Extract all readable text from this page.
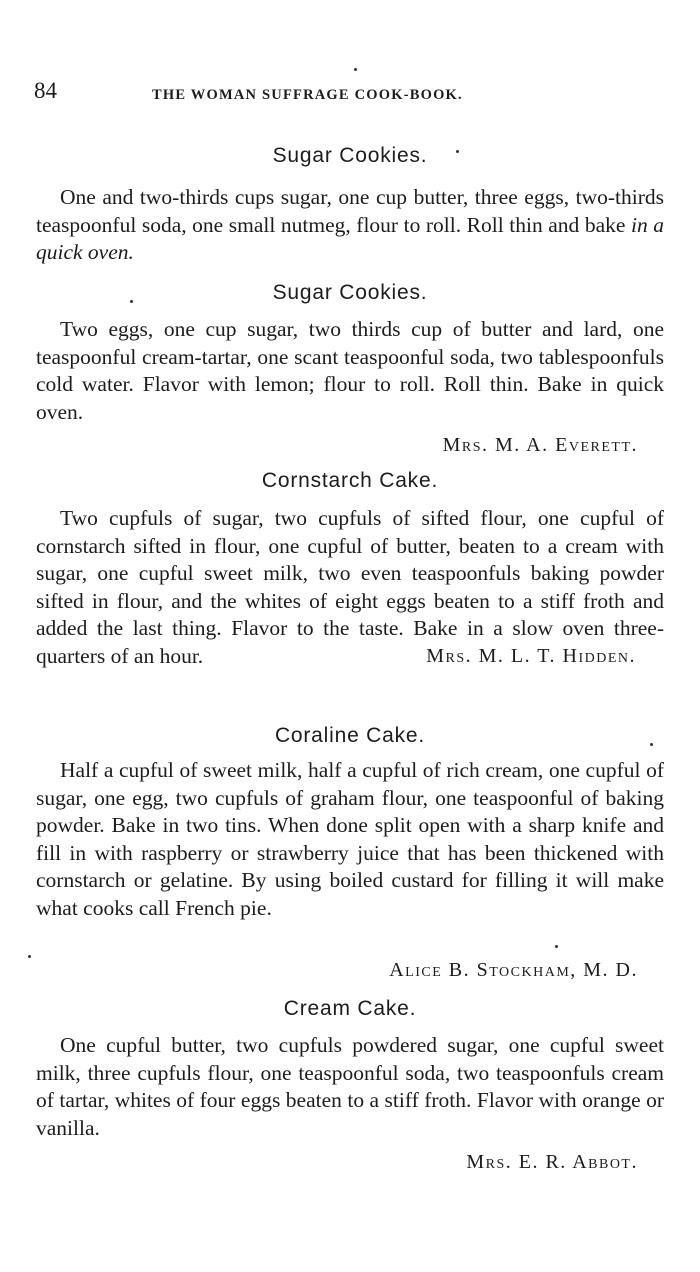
84	THE WOMAN SUFFRAGE COOK-BOOK.
Sugar Cookies.

One and two-thirds cups sugar, one cup butter, three eggs, two-thirds teaspoonful soda, one small nutmeg, flour to roll. Roll thin and bake in a quick oven.

Sugar Cookies.

Two eggs, one cup sugar, two thirds cup of butter and lard, one teaspoonful cream-tartar, one scant teaspoonful soda, two tablespoonfuls cold water. Flavor with lemon; flour to roll. Roll thin. Bake in quick oven.

Mrs. M. A. Everett.
Cornstarch Cake.

Two cupfuls of sugar, two cupfuls of sifted flour, one cupful of cornstarch sifted in flour, one cupful of butter, beaten to a cream with sugar, one cupful sweet milk, two even teaspoonfuls baking powder sifted in flour, and the whites of eight eggs beaten to a stiff froth and added the last thing. Flavor to the taste. Bake in a slow oven three-quarters of an hour.	Mrs. M. L. T. Hidden.

Coraline Cake.

Half a cupful of sweet milk, half a cupful of rich cream, one cupful of sugar, one egg, two cupfuls of graham flour, one teaspoonful of baking powder. Bake in two tins. When done split open with a sharp knife and fill in with raspberry or strawberry juice that has been thickened with cornstarch or gelatine. By using boiled custard for filling it will make what cooks call French pie.

Alice B. Stockham, M. D.
Cream Cake.

One cupful butter, two cupfuls powdered sugar, one cupful sweet milk, three cupfuls flour, one teaspoonful soda, two teaspoonfuls cream of tartar, whites of four eggs beaten to a stiff froth. Flavor with orange or vanilla.

Mrs. E. R. Abbot.
